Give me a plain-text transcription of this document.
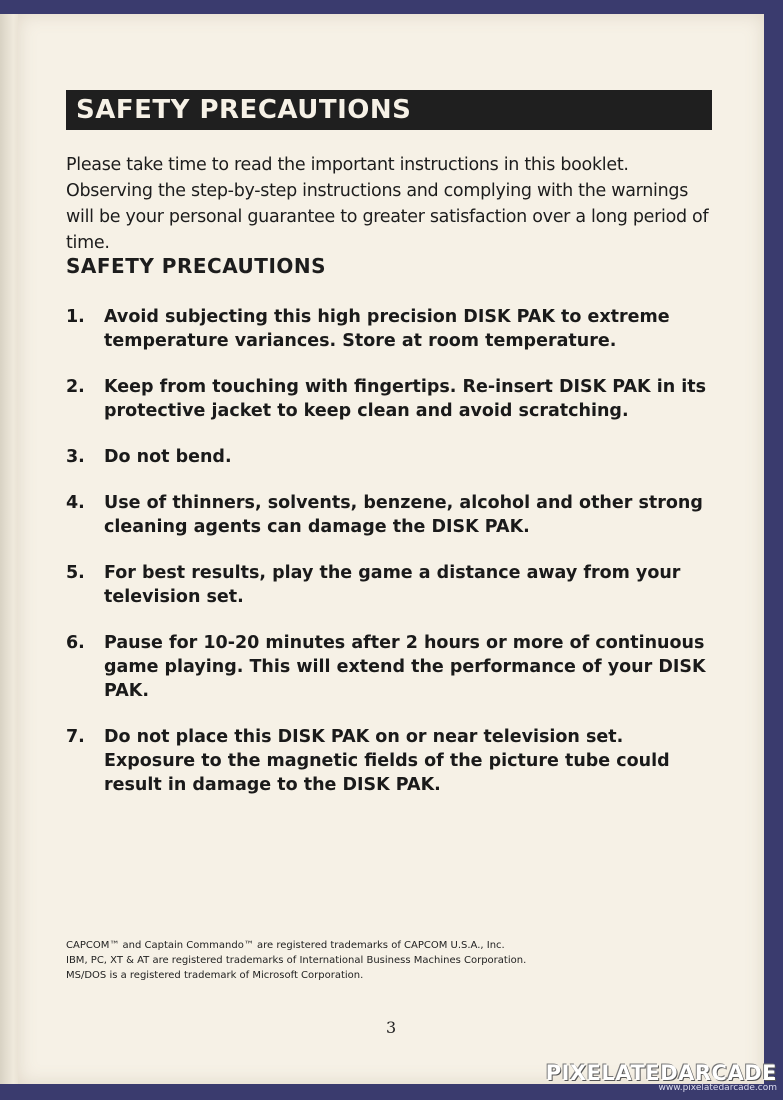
SAFETY PRECAUTIONS
Please take time to read the important instructions in this booklet. Observing the step-by-step instructions and complying with the warnings will be your personal guarantee to greater satisfaction over a long period of time.
SAFETY PRECAUTIONS
1.	Avoid subjecting this high precision DISK PAK to extreme temperature variances. Store at room temperature.
2.	Keep from touching with fingertips. Re-insert DISK PAK in its protective jacket to keep clean and avoid scratching.
3.	Do not bend.
4.	Use of thinners, solvents, benzene, alcohol and other strong cleaning agents can damage the DISK PAK.
5.	For best results, play the game a distance away from your television set.
6.	Pause for 10-20 minutes after 2 hours or more of continuous game playing. This will extend the performance of your DISK PAK.
7.	Do not place this DISK PAK on or near television set. Exposure to the magnetic fields of the picture tube could result in damage to the DISK PAK.
CAPCOM™ and Captain Commando™ are registered trademarks of CAPCOM U.S.A., Inc.
IBM, PC, XT & AT are registered trademarks of International Business Machines Corporation.
MS/DOS is a registered trademark of Microsoft Corporation.
3
PIXELATEDARCADE
www.pixelatedarcade.com
